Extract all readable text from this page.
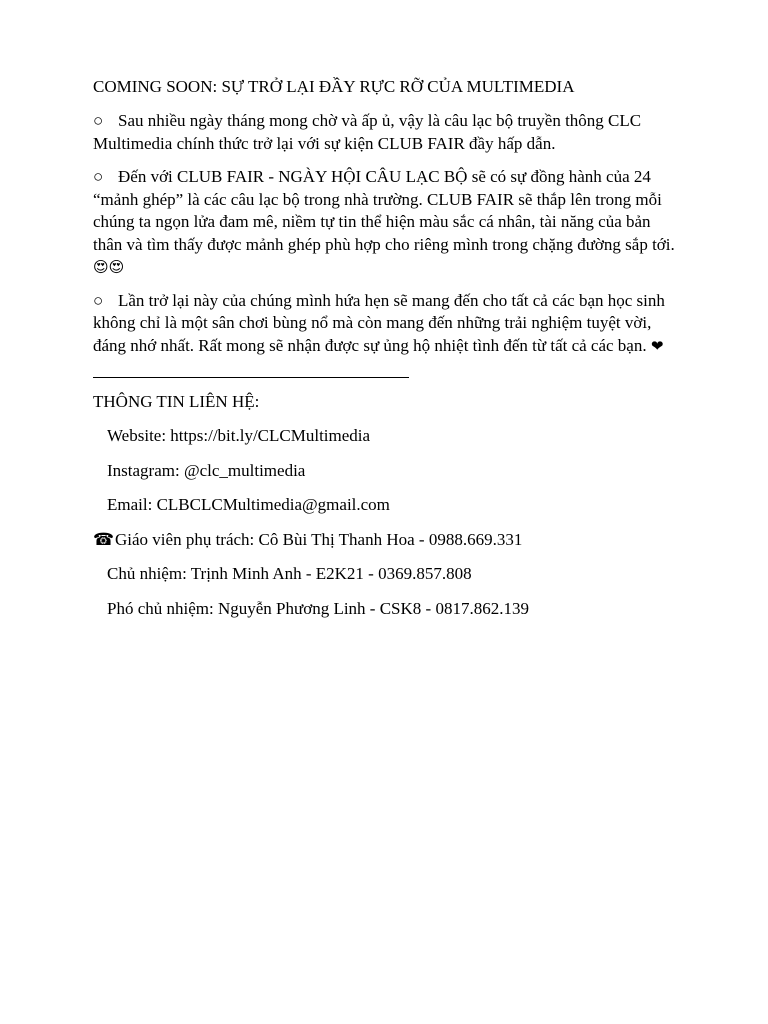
COMING SOON: SỰ TRỞ LẠI ĐẦY RỰC RỠ CỦA MULTIMEDIA
○ Sau nhiều ngày tháng mong chờ và ấp ủ, vậy là câu lạc bộ truyền thông CLC Multimedia chính thức trở lại với sự kiện CLUB FAIR đầy hấp dẫn.
○ Đến với CLUB FAIR - NGÀY HỘI CÂU LẠC BỘ sẽ có sự đồng hành của 24 “mảnh ghép” là các câu lạc bộ trong nhà trường. CLUB FAIR sẽ thắp lên trong mỗi chúng ta ngọn lửa đam mê, niềm tự tin thể hiện màu sắc cá nhân, tài năng của bản thân và tìm thấy được mảnh ghép phù hợp cho riêng mình trong chặng đường sắp tới. 😍😍
○ Lần trở lại này của chúng mình hứa hẹn sẽ mang đến cho tất cả các bạn học sinh không chỉ là một sân chơi bùng nổ mà còn mang đến những trải nghiệm tuyệt vời, đáng nhớ nhất. Rất mong sẽ nhận được sự ủng hộ nhiệt tình đến từ tất cả các bạn. ❤
THÔNG TIN LIÊN HỆ:
Website: https://bit.ly/CLCMultimedia
Instagram: @clc_multimedia
Email: CLBCLCMultimedia@gmail.com
☎Giáo viên phụ trách: Cô Bùi Thị Thanh Hoa - 0988.669.331
Chủ nhiệm: Trịnh Minh Anh - E2K21 - 0369.857.808
Phó chủ nhiệm: Nguyễn Phương Linh - CSK8 - 0817.862.139
